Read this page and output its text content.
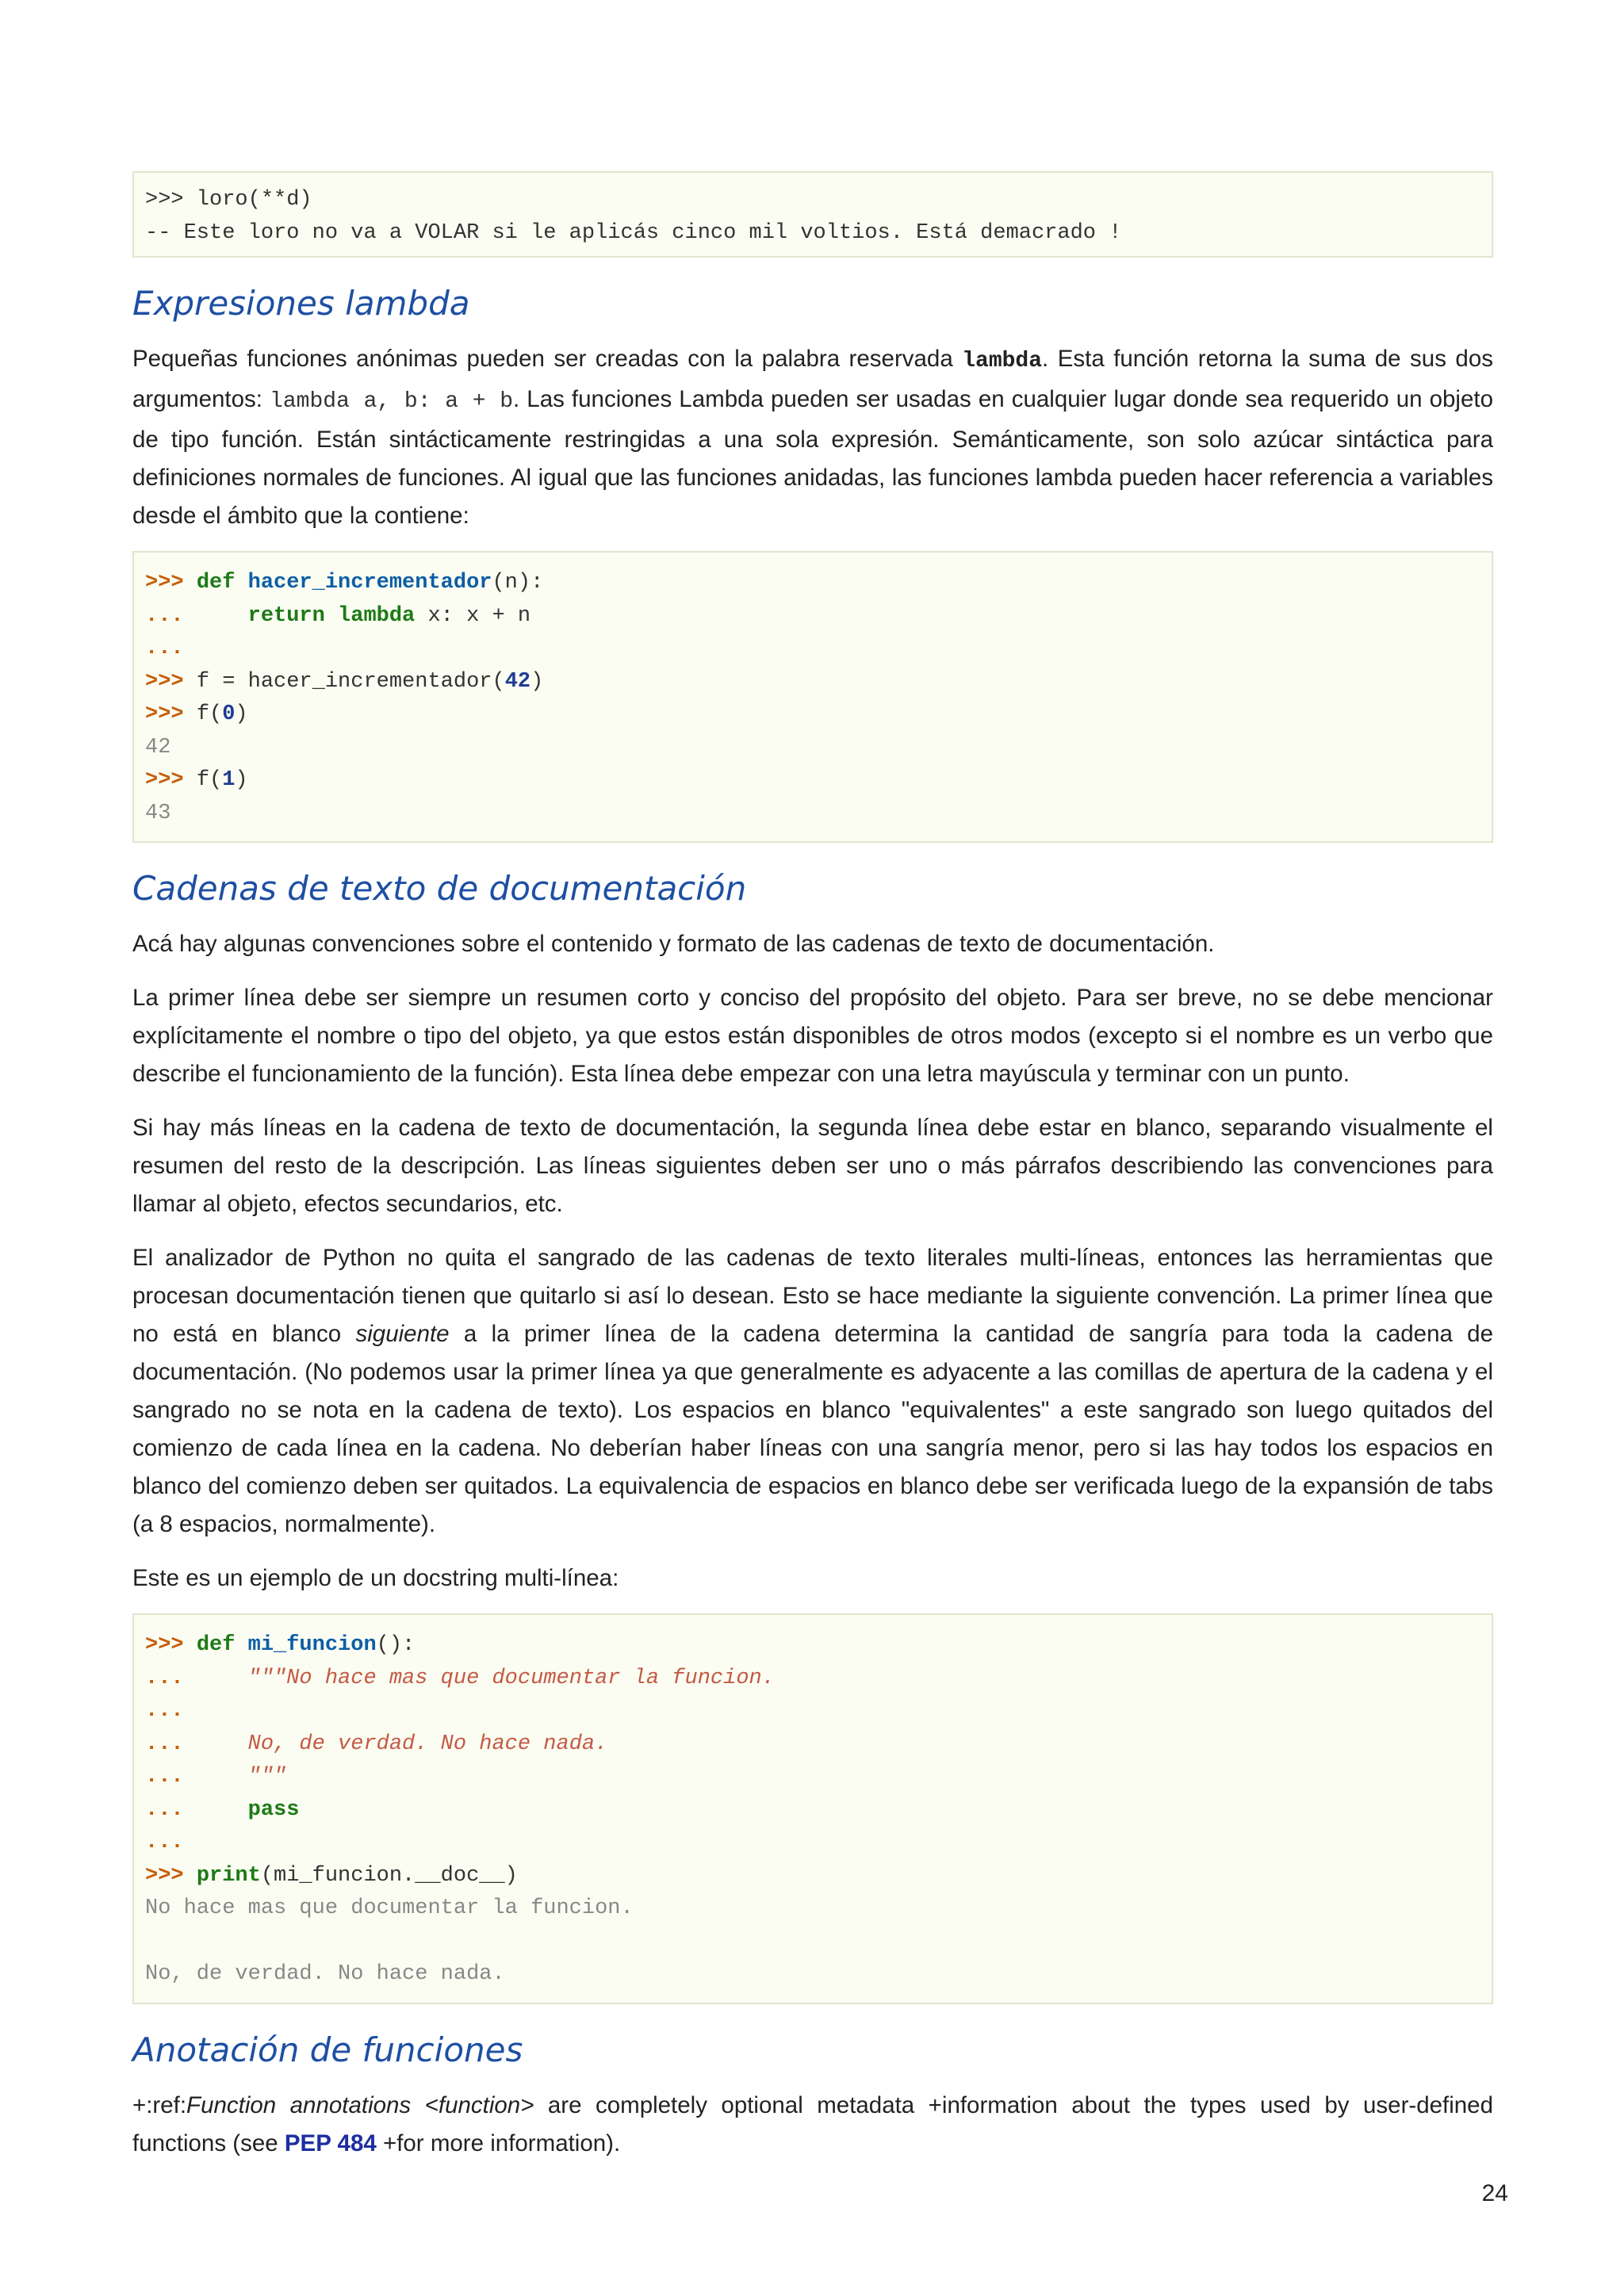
>>> loro(**d)
-- Este loro no va a VOLAR si le aplicás cinco mil voltios. Está demacrado !
Expresiones lambda

Pequeñas funciones anónimas pueden ser creadas con la palabra reservada lambda. Esta función retorna la suma de sus dos argumentos: lambda a, b: a + b. Las funciones Lambda pueden ser usadas en cualquier lugar donde sea requerido un objeto de tipo función. Están sintácticamente restringidas a una sola expresión. Semánticamente, son solo azúcar sintáctica para definiciones normales de funciones. Al igual que las funciones anidadas, las funciones lambda pueden hacer referencia a variables desde el ámbito que la contiene:

>>> def hacer_incrementador(n):
...	return lambda x: x + n
...
>>> f = hacer_incrementador(42)
>>> f(0)
42
>>> f(1)
43
Cadenas de texto de documentación

Acá hay algunas convenciones sobre el contenido y formato de las cadenas de texto de documentación.

La primer línea debe ser siempre un resumen corto y conciso del propósito del objeto. Para ser breve, no se debe mencionar explícitamente el nombre o tipo del objeto, ya que estos están disponibles de otros modos (excepto si el nombre es un verbo que describe el funcionamiento de la función). Esta línea debe empezar con una letra mayúscula y terminar con un punto.

Si hay más líneas en la cadena de texto de documentación, la segunda línea debe estar en blanco, separando visualmente el resumen del resto de la descripción. Las líneas siguientes deben ser uno o más párrafos describiendo las convenciones para llamar al objeto, efectos secundarios, etc.

El analizador de Python no quita el sangrado de las cadenas de texto literales multi-líneas, entonces las herramientas que procesan documentación tienen que quitarlo si así lo desean. Esto se hace mediante la siguiente convención. La primer línea que no está en blanco siguiente a la primer línea de la cadena determina la cantidad de sangría para toda la cadena de documentación. (No podemos usar la primer línea ya que generalmente es adyacente a las comillas de apertura de la cadena y el sangrado no se nota en la cadena de texto). Los espacios en blanco "equivalentes" a este sangrado son luego quitados del comienzo de cada línea en la cadena. No deberían haber líneas con una sangría menor, pero si las hay todos los espacios en blanco del comienzo deben ser quitados. La equivalencia de espacios en blanco debe ser verificada luego de la expansión de tabs (a 8 espacios, normalmente).

Este es un ejemplo de un docstring multi-línea:

>>> def mi_funcion():
...	"""No hace mas que documentar la funcion.
...
...	No, de verdad. No hace nada.
...	"""
...	pass
...
>>> print(mi_funcion.__doc__)
No hace mas que documentar la funcion.
No, de verdad. No hace nada.
Anotación de funciones

+:ref:Function annotations <function> are completely optional metadata +information about the types used by user-defined functions (see PEP 484 +for more information).

24
